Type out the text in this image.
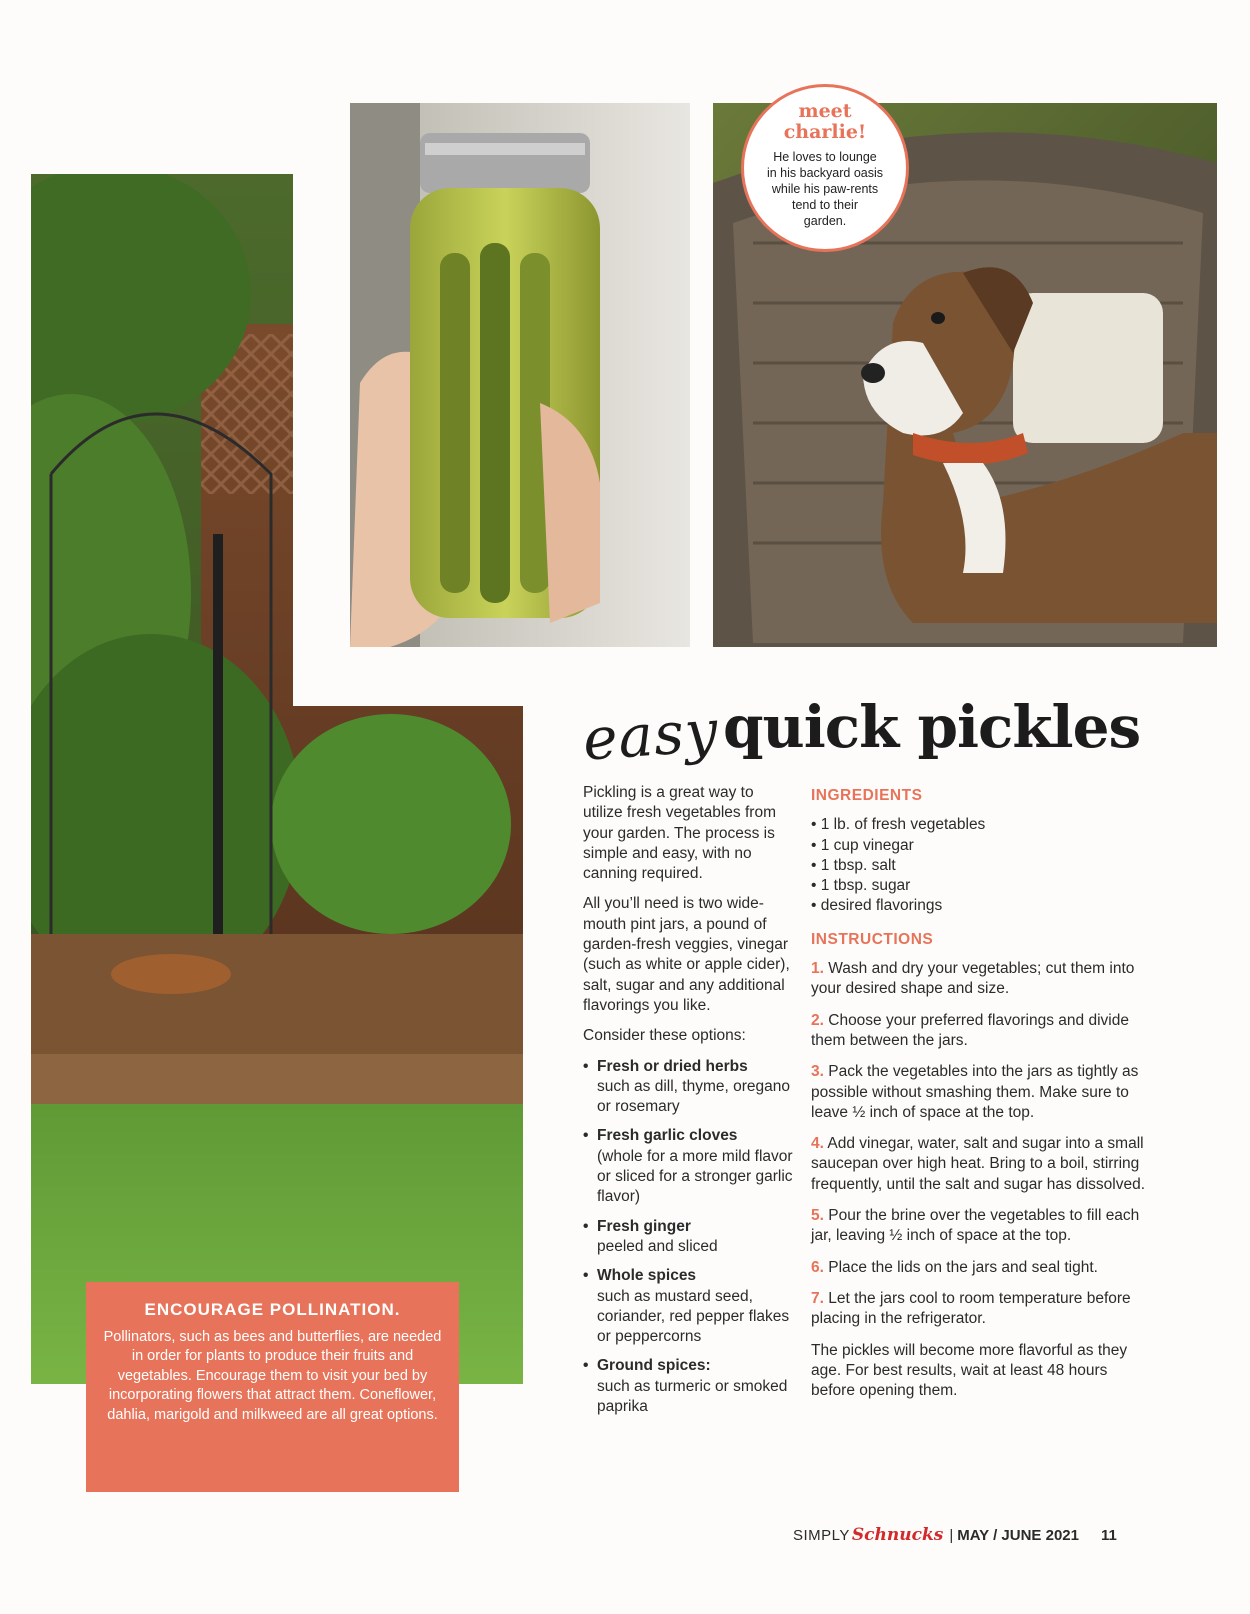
meet
charlie!
He loves to lounge
in his backyard oasis
while his paw-rents
tend to their
garden.
easy quick pickles

Pickling is a great way to utilize fresh vegetables from your garden. The process is simple and easy, with no canning required.

All you’ll need is two wide-mouth pint jars, a pound of garden-fresh veggies, vinegar (such as white or apple cider), salt, sugar and any additional flavorings you like.

Consider these options:

• Fresh or dried herbs
such as dill, thyme, oregano or rosemary
• Fresh garlic cloves
(whole for a more mild flavor or sliced for a stronger garlic flavor)
• Fresh ginger
peeled and sliced
• Whole spices
such as mustard seed, coriander, red pepper flakes or peppercorns
• Ground spices:
such as turmeric or smoked paprika
INGREDIENTS
• 1 lb. of fresh vegetables
• 1 cup vinegar
• 1 tbsp. salt
• 1 tbsp. sugar
• desired flavorings
INSTRUCTIONS
1. Wash and dry your vegetables; cut them into your desired shape and size.
2. Choose your preferred flavorings and divide them between the jars.
3. Pack the vegetables into the jars as tightly as possible without smashing them. Make sure to leave ½ inch of space at the top.
4. Add vinegar, water, salt and sugar into a small saucepan over high heat. Bring to a boil, stirring frequently, until the salt and sugar has dissolved.
5. Pour the brine over the vegetables to fill each jar, leaving ½ inch of space at the top.
6. Place the lids on the jars and seal tight.
7. Let the jars cool to room temperature before placing in the refrigerator.

The pickles will become more flavorful as they age. For best results, wait at least 48 hours before opening them.

ENCOURAGE POLLINATION.
Pollinators, such as bees and butterflies, are needed in order for plants to produce their fruits and vegetables. Encourage them to visit your bed by incorporating flowers that attract them. Coneflower, dahlia, marigold and milkweed are all great options.
SIMPLY Schnucks | MAY / JUNE 2021 11
